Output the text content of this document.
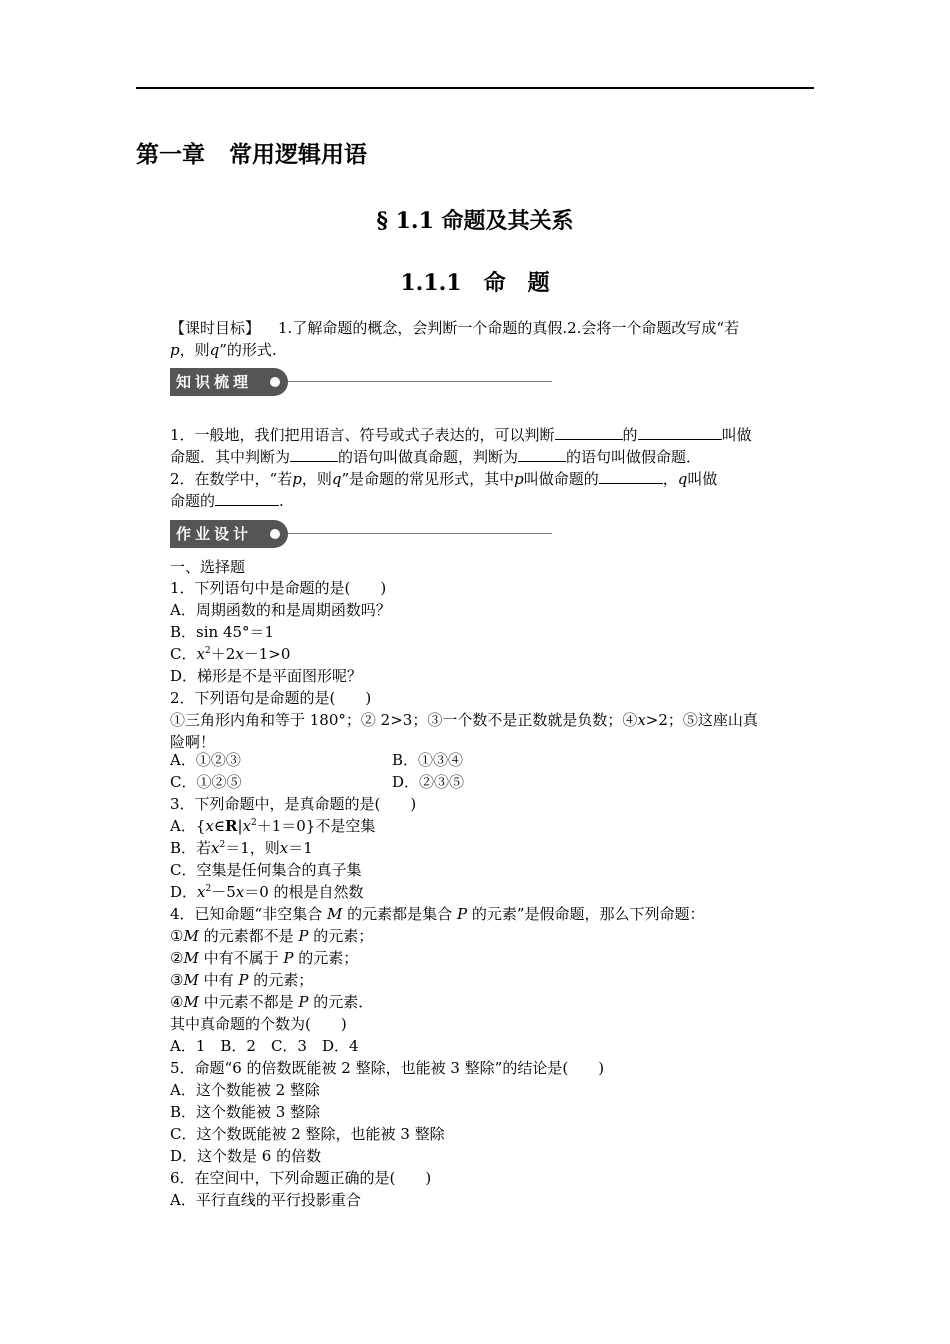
第一章 常用逻辑用语
§ 1.1 命题及其关系
1.1.1 命 题
【课时目标】 1.了解命题的概念，会判断一个命题的真假.2.会将一个命题改写成“若
p，则q”的形式.
知识梳理
1．一般地，我们把用语言、符号或式子表达的，可以判断	的	叫做
命题．其中判断为	的语句叫做真命题，判断为	的语句叫做假命题．
2．在数学中，“若p，则q”是命题的常见形式，其中p叫做命题的	，q叫做
命题的	.
作业设计
一、选择题
1．下列语句中是命题的是( )
A．周期函数的和是周期函数吗？
B．sin 45°＝1
C．$x^2+2x-1>0$
D．梯形是不是平面图形呢？
2．下列语句是命题的是( )
①三角形内角和等于 180°；② 2>3；③一个数不是正数就是负数；④x>2；⑤这座山真
险啊！
A．①②③	B．①③④
C．①②⑤	D．②③⑤
3．下列命题中，是真命题的是( )
A．$\{x\in R|x^2+1=0\}$不是空集
B．若$x^2=1$，则x＝1
C．空集是任何集合的真子集
D．$x^2-5x=0$ 的根是自然数
4．已知命题“非空集合 M 的元素都是集合 P 的元素”是假命题，那么下列命题：
①M 的元素都不是 P 的元素；
②M 中有不属于 P 的元素；
③M 中有 P 的元素；
④M 中元素不都是 P 的元素．
其中真命题的个数为( )
A．1　B．2　C．3　D．4
5．命题“6 的倍数既能被 2 整除，也能被 3 整除”的结论是( )
A．这个数能被 2 整除
B．这个数能被 3 整除
C．这个数既能被 2 整除，也能被 3 整除
D．这个数是 6 的倍数
6．在空间中，下列命题正确的是( )
A．平行直线的平行投影重合
